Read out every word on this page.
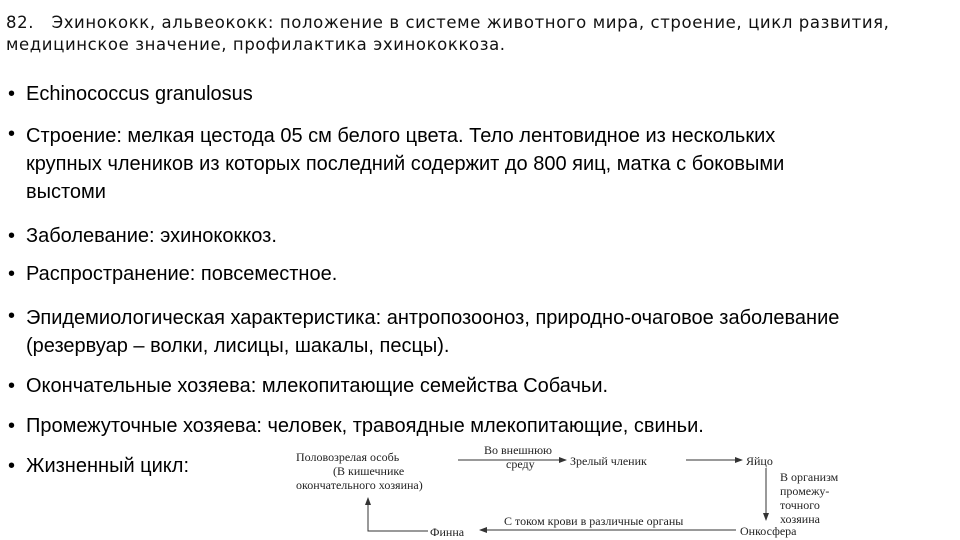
82.   Эхинококк, альвеококк: положение в системе животного мира, строение, цикл развития, медицинское значение, профилактика эхинококкоза.
• Echinococcus granulosus
• Строение: мелкая цестода 05 см белого цвета. Тело лентовидное из нескольких крупных члеников из которых последний содержит до 800 яиц, матка с боковыми выстоми
• Заболевание: эхинококкоз.
• Распространение: повсеместное.
• Эпидемиологическая характеристика: антропозооноз, природно-очаговое заболевание (резервуар – волки, лисицы, шакалы, песцы).
• Окончательные хозяева: млекопитающие семейства Собачьи.
• Промежуточные хозяева: человек, травоядные млекопитающие, свиньи.
• Жизненный цикл:	Половозрелая особь
(В кишечнике
окончательного хозяина)
Во внешнюю
среду	Зрелый членик	Яйцо
В организм
промежу-
точного
хозяина
Онкосфера
С током крови в различные органы
Финна
